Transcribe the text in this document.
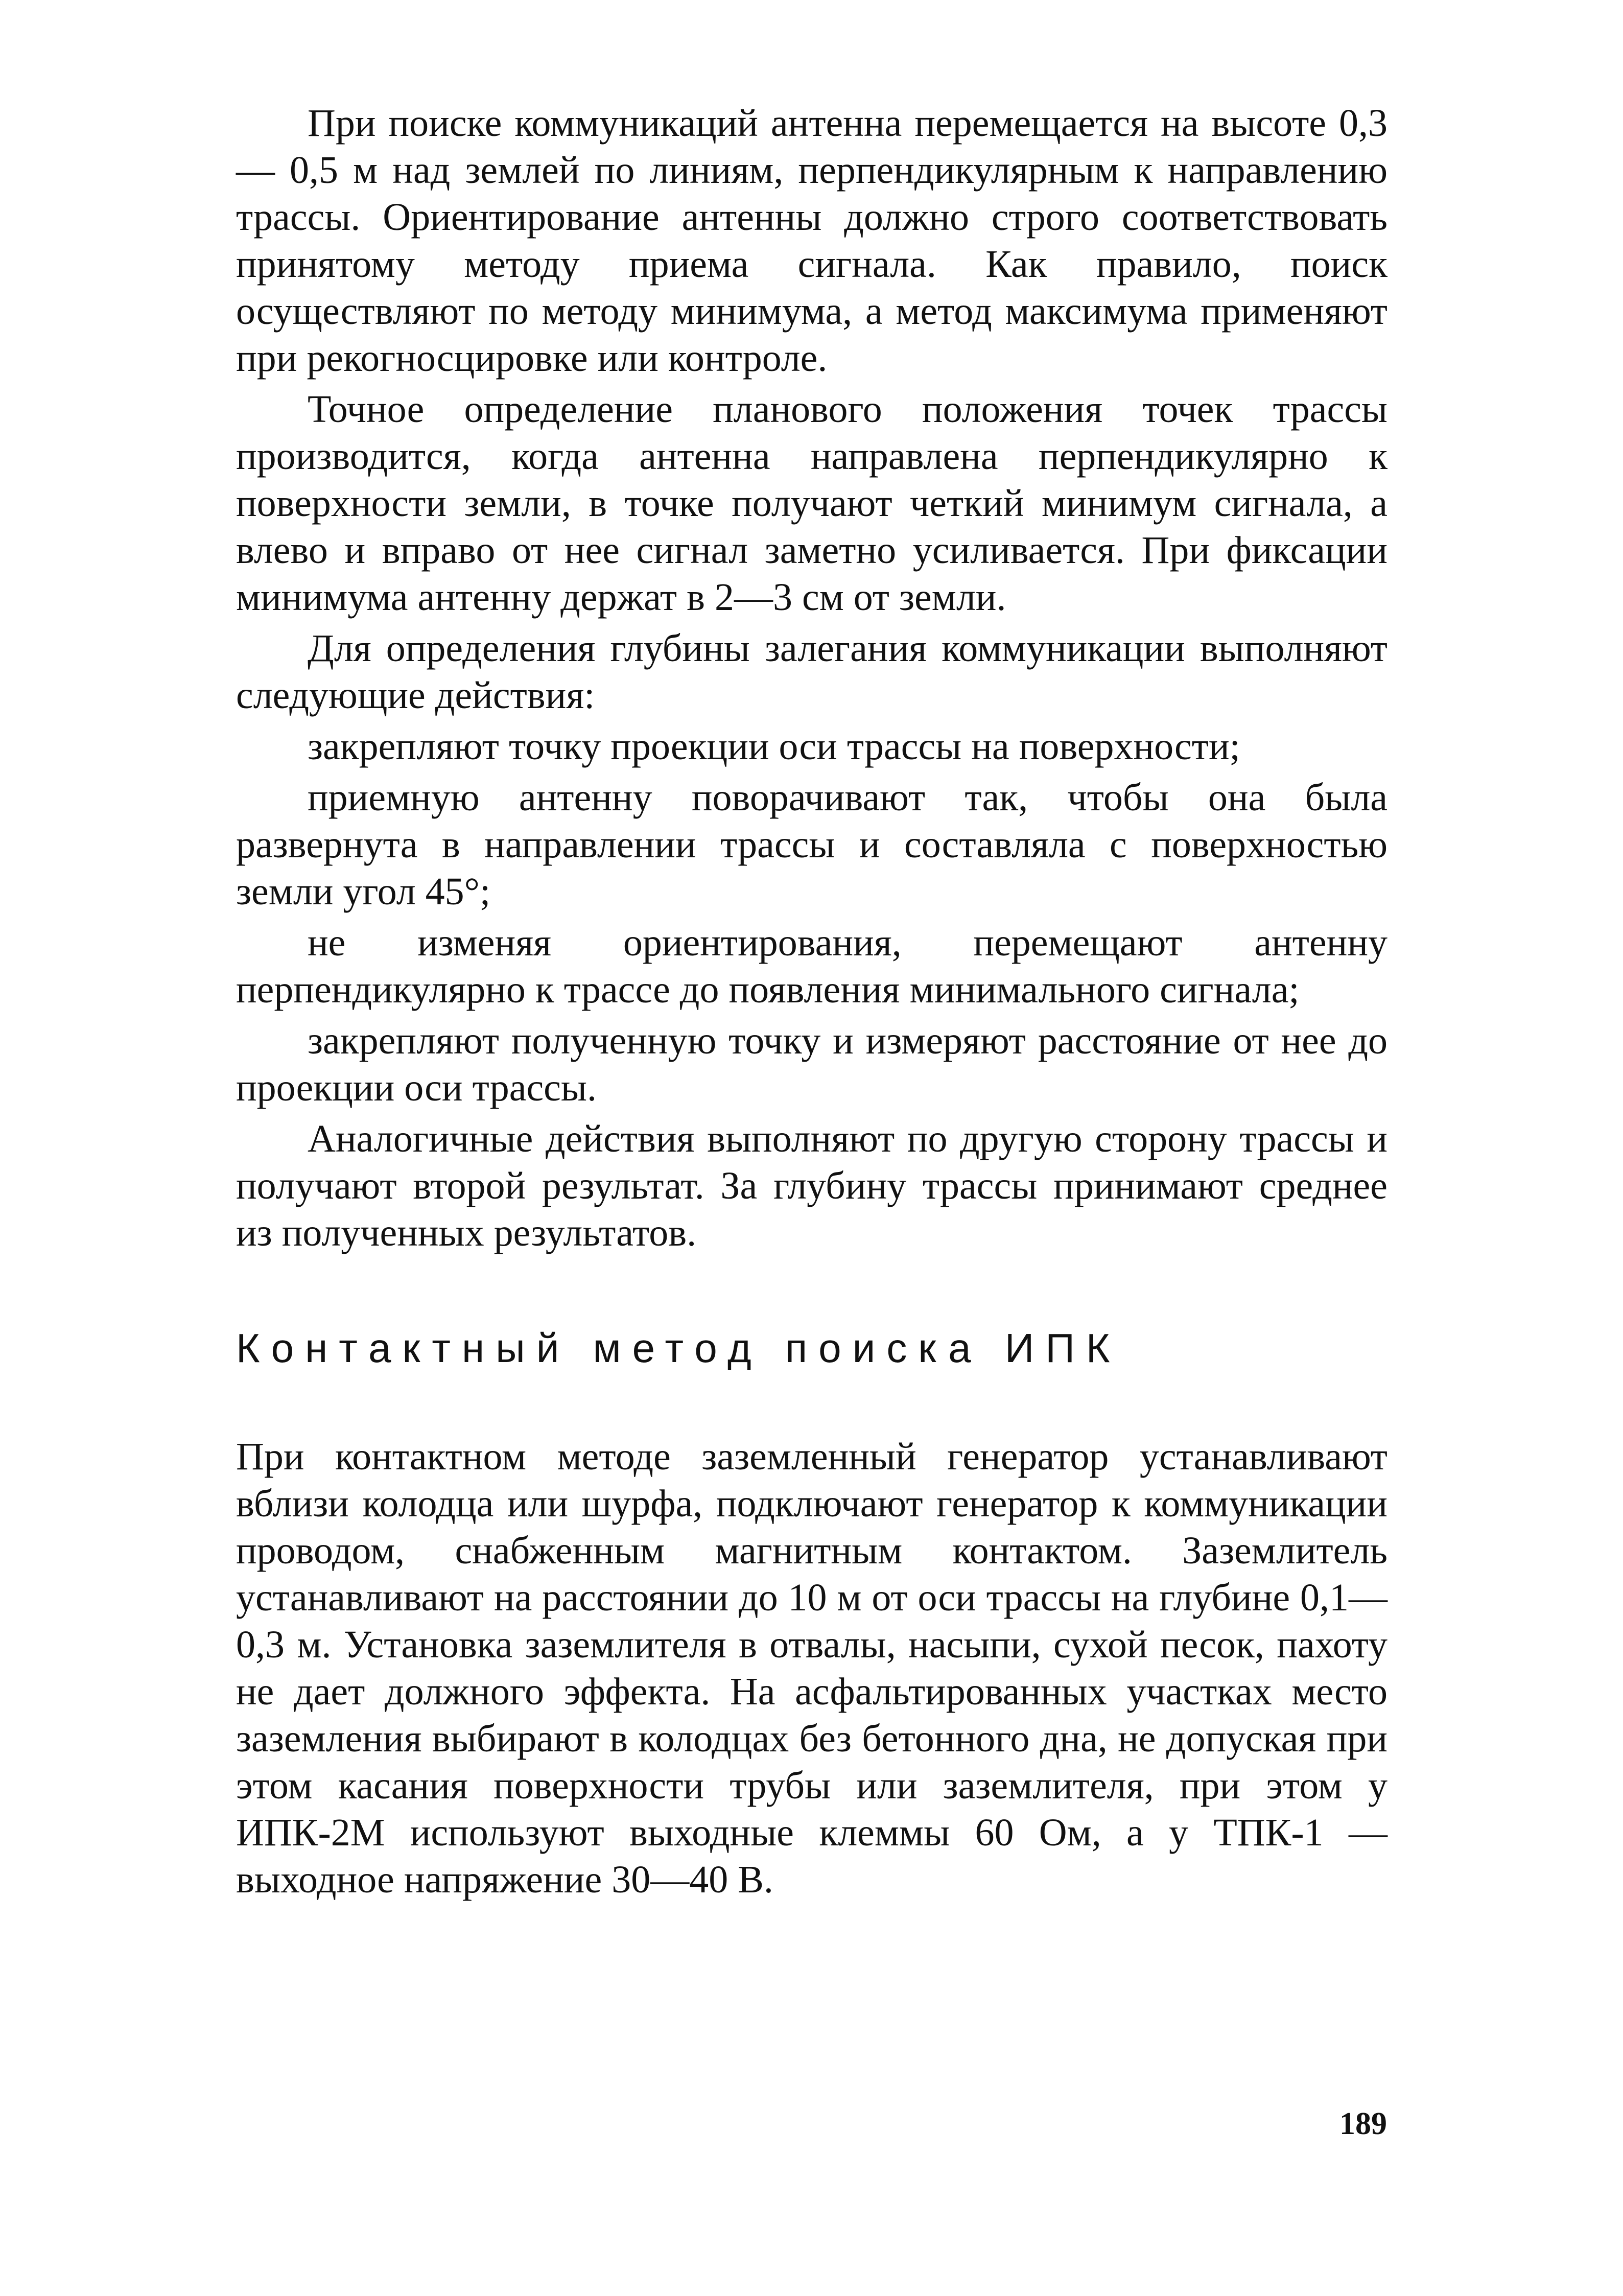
При поиске коммуникаций антенна перемещается на высоте 0,3 — 0,5 м над землей по линиям, перпендикулярным к направлению трассы. Ориентирование антенны должно строго соответствовать принятому методу приема сигнала. Как правило, поиск осуществляют по методу минимума, а метод максимума применяют при рекогносцировке или контроле.

Точное определение планового положения точек трассы производится, когда антенна направлена перпендикулярно к поверхности земли, в точке получают четкий минимум сигнала, а влево и вправо от нее сигнал заметно усиливается. При фиксации минимума антенну держат в 2—3 см от земли.

Для определения глубины залегания коммуникации выполняют следующие действия:

закрепляют точку проекции оси трассы на поверхности;

приемную антенну поворачивают так, чтобы она была развернута в направлении трассы и составляла с поверхностью земли угол 45°;

не изменяя ориентирования, перемещают антенну перпендикулярно к трассе до появления минимального сигнала;

закрепляют полученную точку и измеряют расстояние от нее до проекции оси трассы.

Аналогичные действия выполняют по другую сторону трассы и получают второй результат. За глубину трассы принимают среднее из полученных результатов.

Контактный метод поиска ИПК

При контактном методе заземленный генератор устанавливают вблизи колодца или шурфа, подключают генератор к коммуникации проводом, снабженным магнитным контактом. Заземлитель устанавливают на расстоянии до 10 м от оси трассы на глубине 0,1—0,3 м. Установка заземлителя в отвалы, насыпи, сухой песок, пахоту не дает должного эффекта. На асфальтированных участках место заземления выбирают в колодцах без бетонного дна, не допуская при этом касания поверхности трубы или заземлителя, при этом у ИПК-2М используют выходные клеммы 60 Ом, а у ТПК-1 — выходное напряжение 30—40 В.

189
